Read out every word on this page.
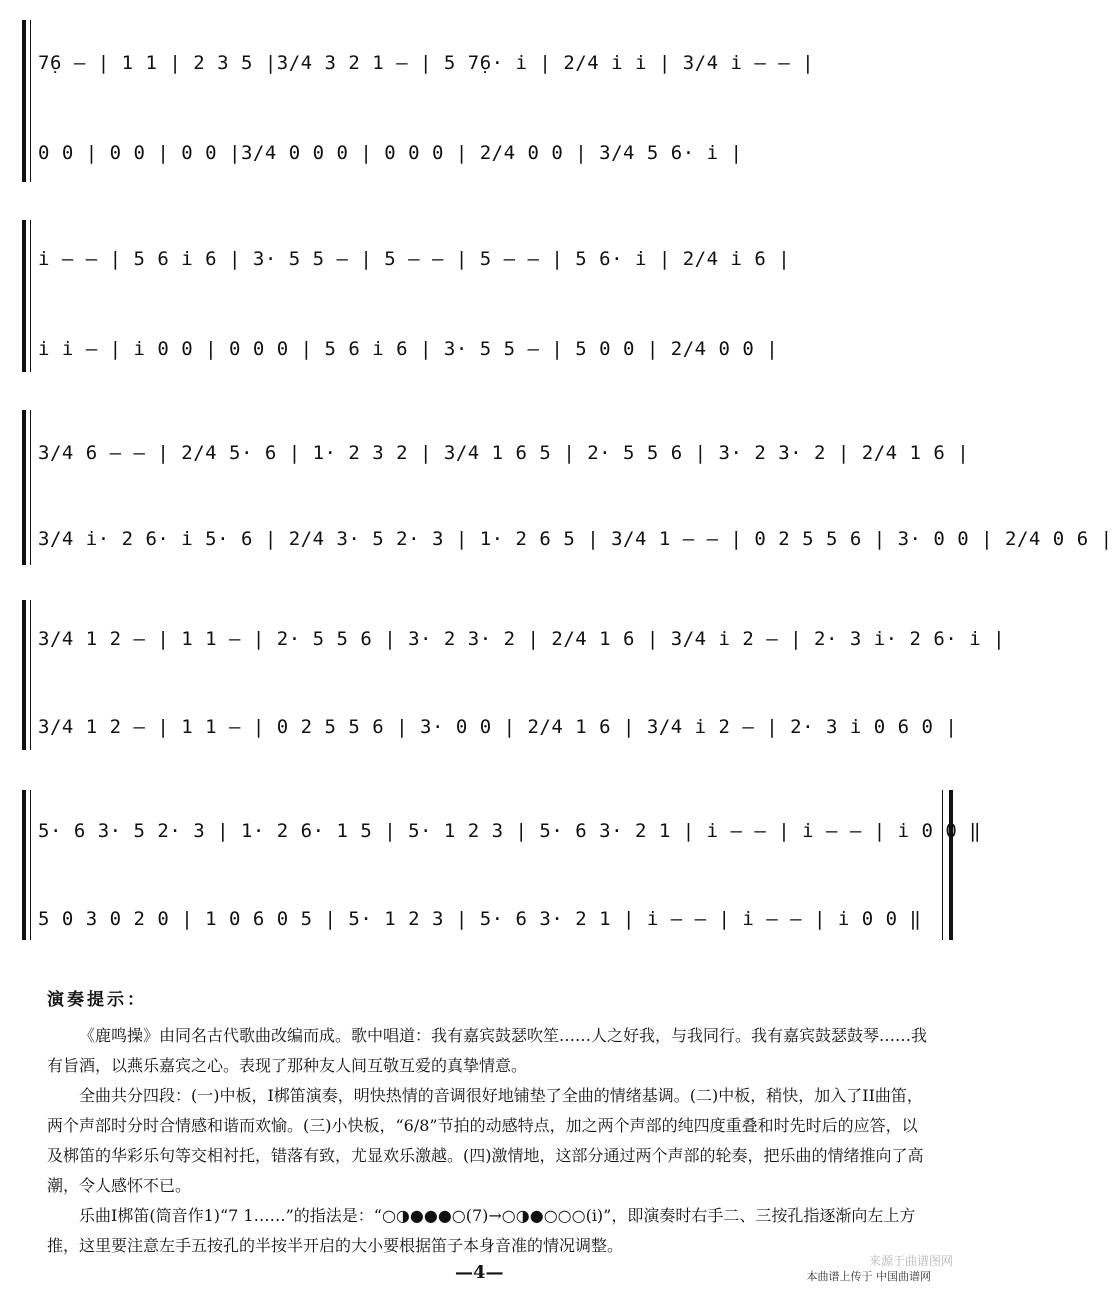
7̣6 – | 1 1 | 2 3 5 |3/4 3 2 1 – | 5 7̣6· i | 2/4 i i | 3/4 i – – |
0 0 | 0 0 | 0 0 |3/4 0 0 0 | 0 0 0 | 2/4 0 0 | 3/4 5 6· i |
i – – | 5 6 i 6 | 3· 5 5 – | 5 – – | 5 – – | 5 6· i | 2/4 i 6 |
i i – | i 0 0 | 0 0 0 | 5 6 i 6 | 3· 5 5 – | 5 0 0 | 2/4 0 0 |
3/4 6 – – | 2/4 5· 6 | 1· 2 3 2 | 3/4 1 6 5 | 2· 5 5 6 | 3· 2 3· 2 | 2/4 1 6 |
3/4 i· 2 6· i 5· 6 | 2/4 3· 5 2· 3 | 1· 2 6 5 | 3/4 1 – – | 0 2 5 5 6 | 3· 0 0 | 2/4 0 6 |
3/4 1 2 – | 1 1 – | 2· 5 5 6 | 3· 2 3· 2 | 2/4 1 6 | 3/4 i 2 – | 2· 3 i· 2 6· i |
3/4 1 2 – | 1 1 – | 0 2 5 5 6 | 3· 0 0 | 2/4 1 6 | 3/4 i 2 – | 2· 3 i 0 6 0 |
5· 6 3· 5 2· 3 | 1· 2 6· 1 5 | 5· 1 2 3 | 5· 6 3· 2 1 | i – – | i – – | i 0 0 ‖
5 0 3 0 2 0 | 1 0 6 0 5 | 5· 1 2 3 | 5· 6 3· 2 1 | i – – | i – – | i 0 0 ‖
演奏提示：

《鹿鸣操》由同名古代歌曲改编而成。歌中唱道：我有嘉宾鼓瑟吹笙……人之好我，与我同行。我有嘉宾鼓瑟鼓琴……我有旨酒，以燕乐嘉宾之心。表现了那种友人间互敬互爱的真挚情意。

全曲共分四段：(一)中板，I梆笛演奏，明快热情的音调很好地铺垫了全曲的情绪基调。(二)中板，稍快，加入了II曲笛，两个声部时分时合情感和谐而欢愉。(三)小快板，“6/8”节拍的动感特点，加之两个声部的纯四度重叠和时先时后的应答，以及梆笛的华彩乐句等交相衬托，错落有致，尤显欢乐激越。(四)激情地，这部分通过两个声部的轮奏，把乐曲的情绪推向了高潮，令人感怀不已。

乐曲I梆笛(筒音作1)“7 1……”的指法是：“○◑●●●○(7)→○◑●○○○(i)”，即演奏时右手二、三按孔指逐渐向左上方推，这里要注意左手五按孔的半按半开启的大小要根据笛子本身音准的情况调整。

—4—
来源于曲谱图网
本曲谱上传于 中国曲谱网
